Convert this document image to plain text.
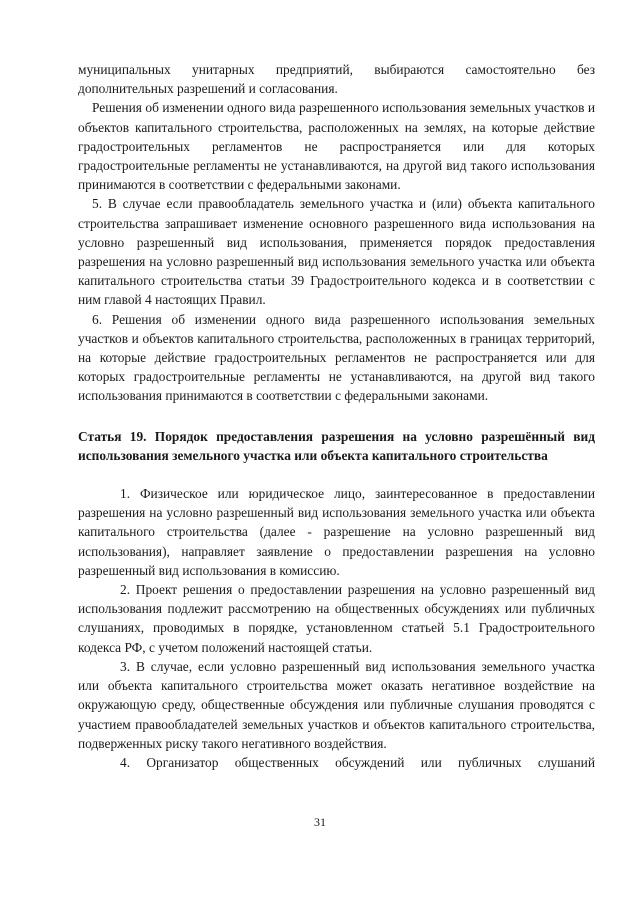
муниципальных унитарных предприятий, выбираются самостоятельно без дополнительных разрешений и согласования.

Решения об изменении одного вида разрешенного использования земельных участков и объектов капитального строительства, расположенных на землях, на которые действие градостроительных регламентов не распространяется или для которых градостроительные регламенты не устанавливаются, на другой вид такого использования принимаются в соответствии с федеральными законами.

5. В случае если правообладатель земельного участка и (или) объекта капитального строительства запрашивает изменение основного разрешенного вида использования на условно разрешенный вид использования, применяется порядок предоставления разрешения на условно разрешенный вид использования земельного участка или объекта капитального строительства статьи 39 Градостроительного кодекса и в соответствии с ним главой 4 настоящих Правил.

6. Решения об изменении одного вида разрешенного использования земельных участков и объектов капитального строительства, расположенных в границах территорий, на которые действие градостроительных регламентов не распространяется или для которых градостроительные регламенты не устанавливаются, на другой вид такого использования принимаются в соответствии с федеральными законами.

Статья 19. Порядок предоставления разрешения на условно разрешённый вид использования земельного участка или объекта капитального строительства

1. Физическое или юридическое лицо, заинтересованное в предоставлении разрешения на условно разрешенный вид использования земельного участка или объекта капитального строительства (далее - разрешение на условно разрешенный вид использования), направляет заявление о предоставлении разрешения на условно разрешенный вид использования в комиссию.

2. Проект решения о предоставлении разрешения на условно разрешенный вид использования подлежит рассмотрению на общественных обсуждениях или публичных слушаниях, проводимых в порядке, установленном статьей 5.1 Градостроительного кодекса РФ, с учетом положений настоящей статьи.

3. В случае, если условно разрешенный вид использования земельного участка или объекта капитального строительства может оказать негативное воздействие на окружающую среду, общественные обсуждения или публичные слушания проводятся с участием правообладателей земельных участков и объектов капитального строительства, подверженных риску такого негативного воздействия.

4. Организатор общественных обсуждений или публичных слушаний

31
